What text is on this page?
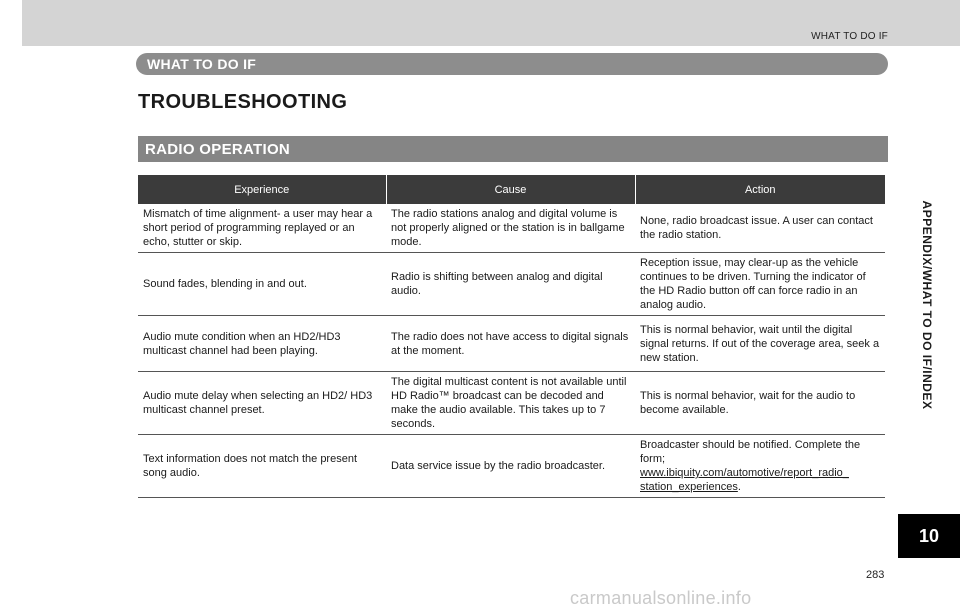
WHAT TO DO IF
WHAT TO DO IF
TROUBLESHOOTING
RADIO OPERATION
Experience	Cause	Action
Mismatch of time alignment- a user may hear a short period of programming replayed or an echo, stutter or skip.	The radio stations analog and digital volume is not properly aligned or the station is in ballgame mode.	None, radio broadcast issue. A user can contact the radio station.
Sound fades, blending in and out.	Radio is shifting between analog and digital audio.	Reception issue, may clear-up as the vehicle continues to be driven. Turning the indicator of the HD Radio button off can force radio in an analog audio.
Audio mute condition when an HD2/HD3 multicast channel had been playing.	The radio does not have access to digital signals at the moment.	This is normal behavior, wait until the digital signal returns. If out of the coverage area, seek a new station.
Audio mute delay when selecting an HD2/ HD3 multicast channel preset.	The digital multicast content is not available until HD Radio™ broadcast can be decoded and make the audio available. This takes up to 7 seconds.	This is normal behavior, wait for the audio to become available.
Text information does not match the present song audio.	Data service issue by the radio broadcaster.	Broadcaster should be notified. Complete the form;
www.ibiquity.com/automotive/report_radio_ station_experiences.
APPENDIX/WHAT TO DO IF/INDEX
10
283
carmanualsonline.info
